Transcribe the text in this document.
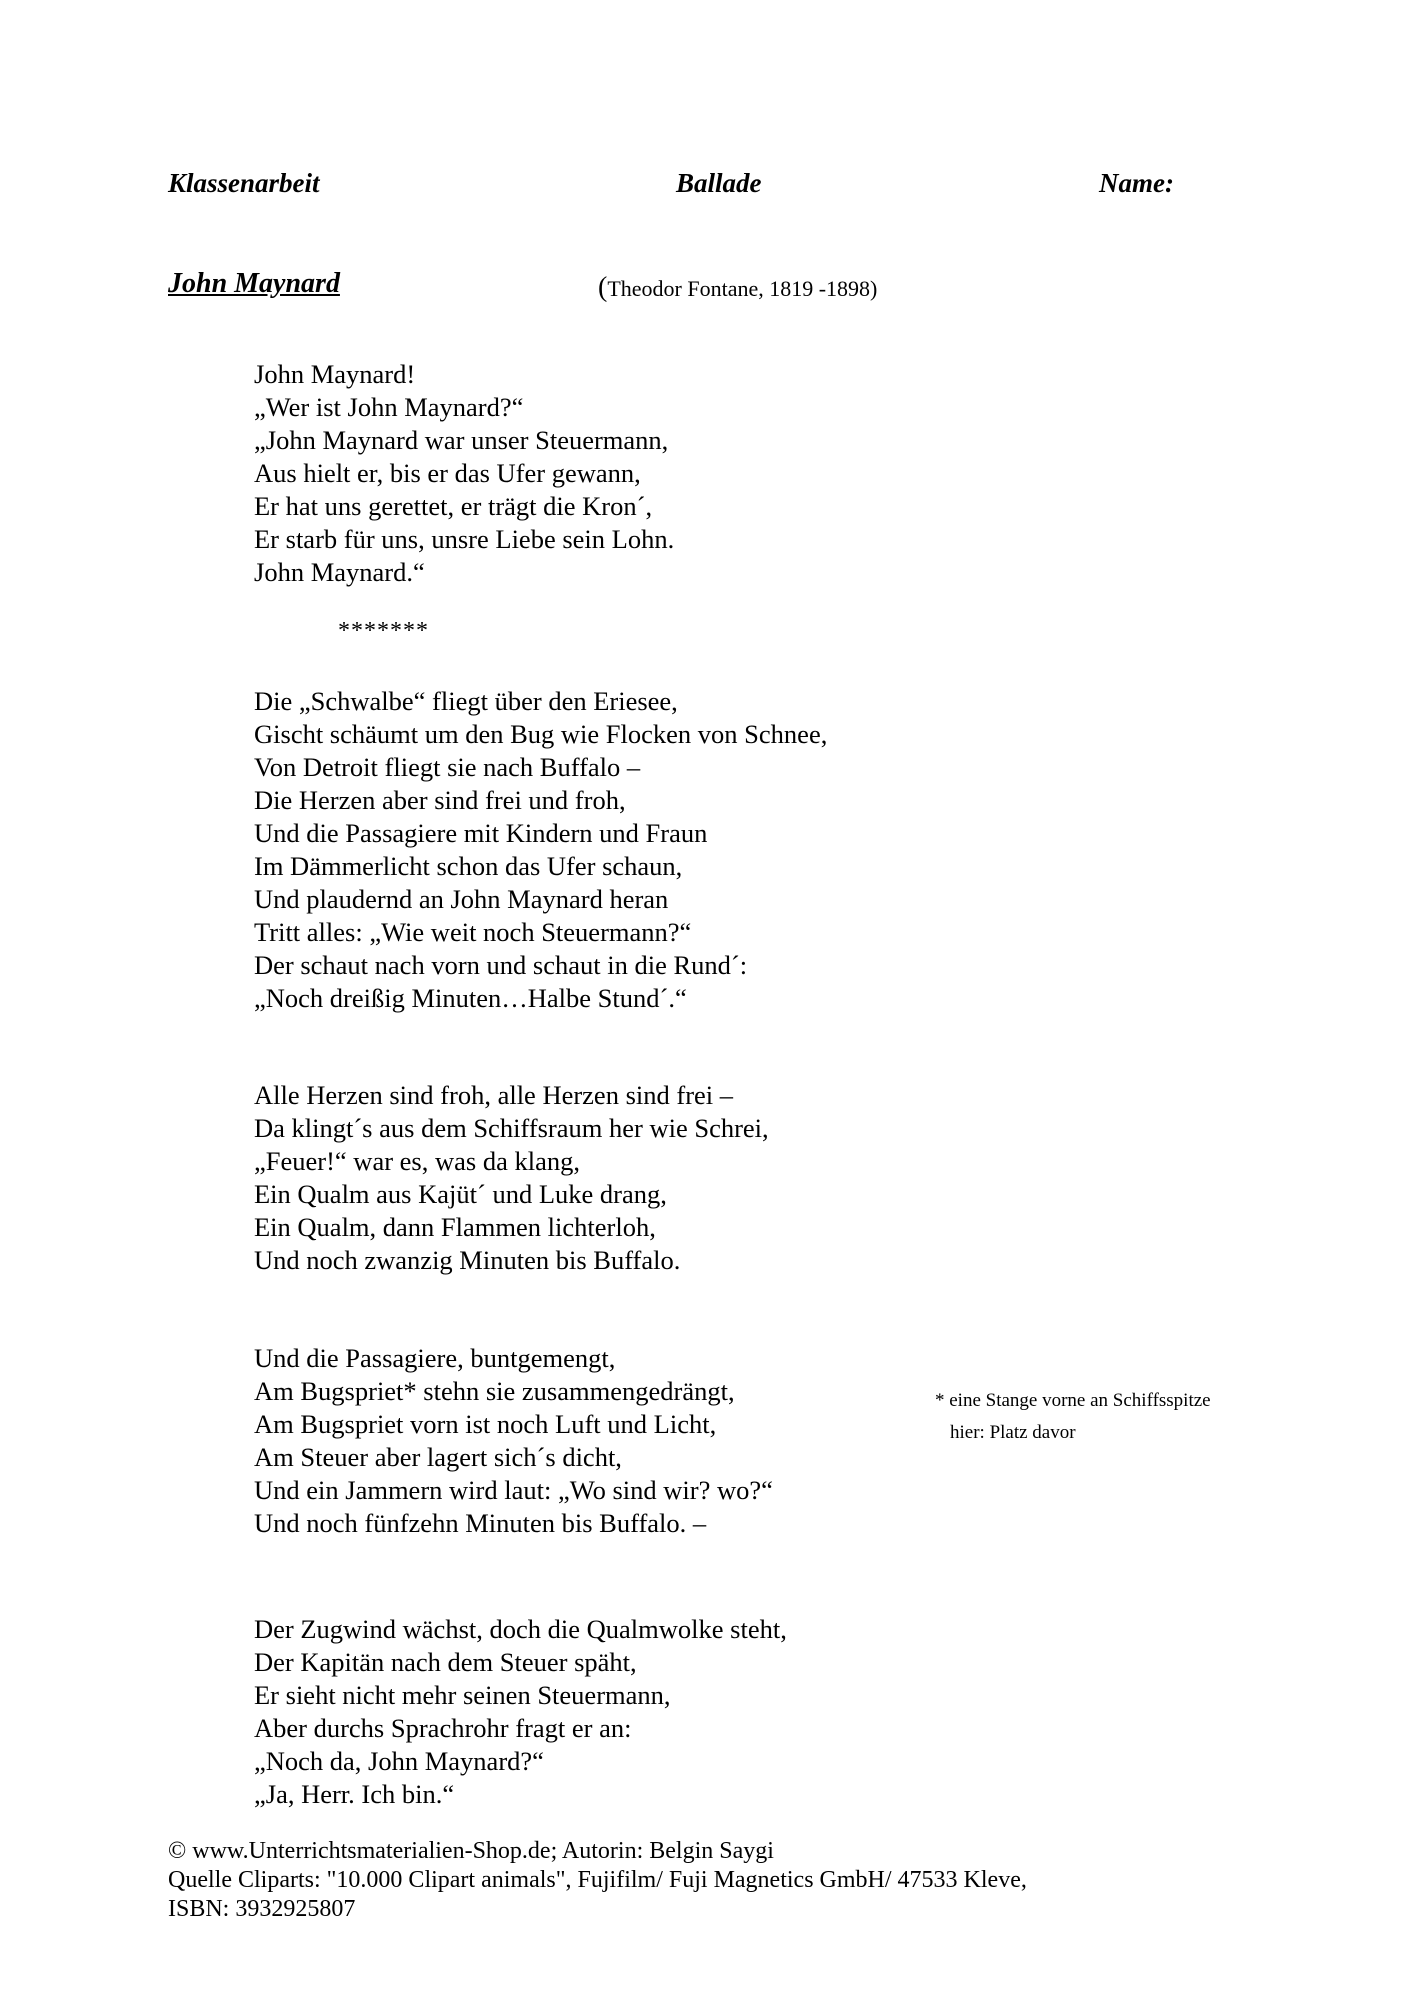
Klassenarbeit	Ballade	Name:
John Maynard	(Theodor Fontane, 1819 -1898)
John Maynard!
„Wer ist John Maynard?“
„John Maynard war unser Steuermann,
Aus hielt er, bis er das Ufer gewann,
Er hat uns gerettet, er trägt die Kron´,
Er starb für uns, unsre Liebe sein Lohn.
John Maynard.“
*******
Die „Schwalbe“ fliegt über den Eriesee,
Gischt schäumt um den Bug wie Flocken von Schnee,
Von Detroit fliegt sie nach Buffalo –
Die Herzen aber sind frei und froh,
Und die Passagiere mit Kindern und Fraun
Im Dämmerlicht schon das Ufer schaun,
Und plaudernd an John Maynard heran
Tritt alles: „Wie weit noch Steuermann?“
Der schaut nach vorn und schaut in die Rund´:
„Noch dreißig Minuten…Halbe Stund´.“
Alle Herzen sind froh, alle Herzen sind frei –
Da klingt´s aus dem Schiffsraum her wie Schrei,
„Feuer!“ war es, was da klang,
Ein Qualm aus Kajüt´ und Luke drang,
Ein Qualm, dann Flammen lichterloh,
Und noch zwanzig Minuten bis Buffalo.
Und die Passagiere, buntgemengt,
Am Bugspriet* stehn sie zusammengedrängt,
Am Bugspriet vorn ist noch Luft und Licht,
Am Steuer aber lagert sich´s dicht,
Und ein Jammern wird laut: „Wo sind wir? wo?“
Und noch fünfzehn Minuten bis Buffalo. –
* eine Stange vorne an Schiffsspitze
hier: Platz davor
Der Zugwind wächst, doch die Qualmwolke steht,
Der Kapitän nach dem Steuer späht,
Er sieht nicht mehr seinen Steuermann,
Aber durchs Sprachrohr fragt er an:
„Noch da, John Maynard?“
„Ja, Herr. Ich bin.“
© www.Unterrichtsmaterialien-Shop.de; Autorin: Belgin Saygi
Quelle Cliparts: "10.000 Clipart animals", Fujifilm/ Fuji Magnetics GmbH/ 47533 Kleve,
ISBN: 3932925807
